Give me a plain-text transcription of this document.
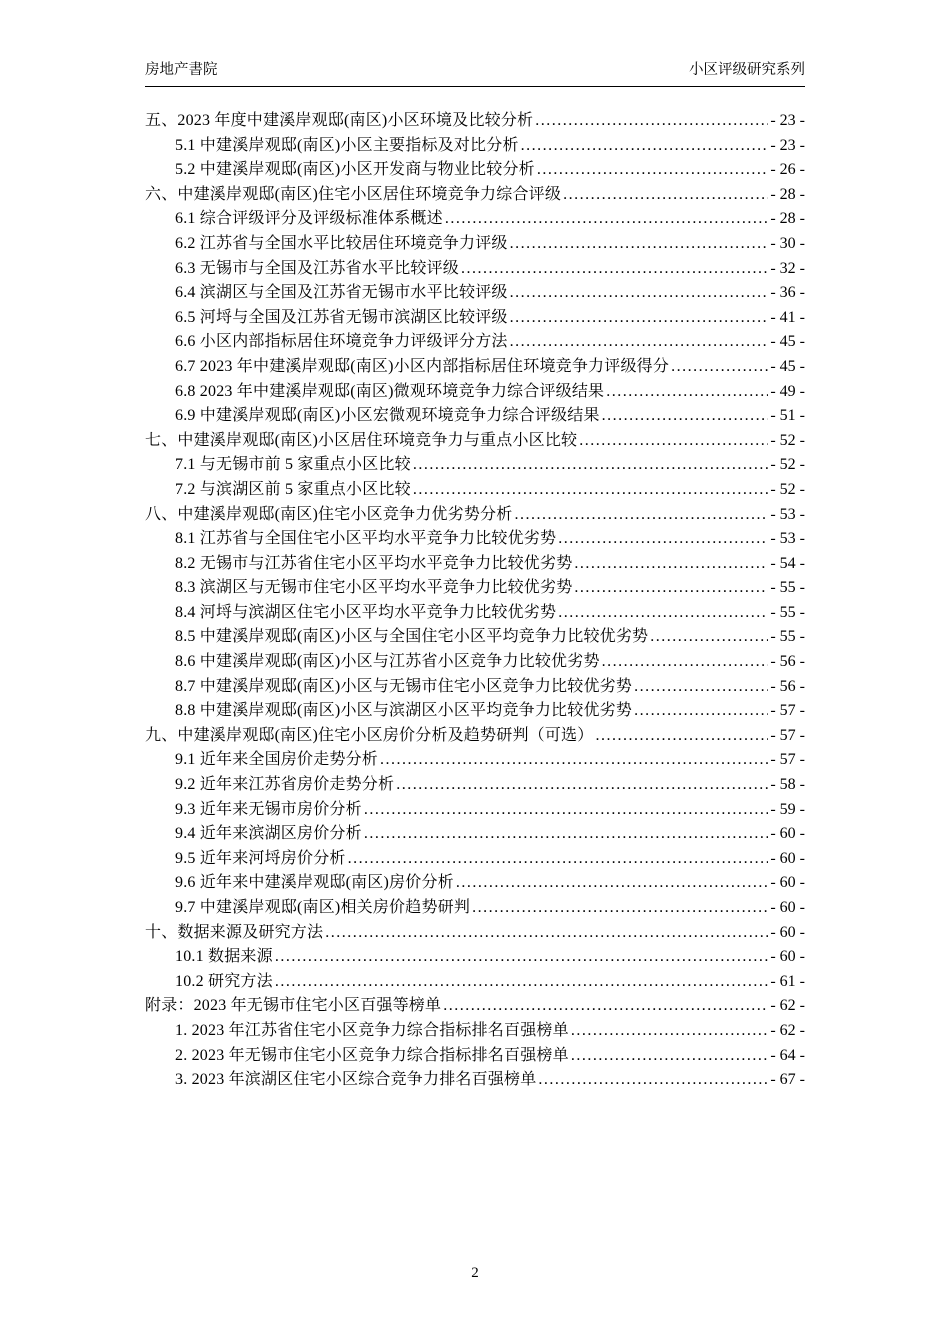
房地产書院	小区评级研究系列
五、2023 年度中建溪岸观邸(南区)小区环境及比较分析 .....	- 23 -
5.1 中建溪岸观邸(南区)小区主要指标及对比分析 .....	- 23 -
5.2 中建溪岸观邸(南区)小区开发商与物业比较分析 .....	- 26 -
六、中建溪岸观邸(南区)住宅小区居住环境竞争力综合评级 .....	- 28 -
6.1 综合评级评分及评级标准体系概述 .....	- 28 -
6.2 江苏省与全国水平比较居住环境竞争力评级 .....	- 30 -
6.3 无锡市与全国及江苏省水平比较评级 .....	- 32 -
6.4 滨湖区与全国及江苏省无锡市水平比较评级 .....	- 36 -
6.5 河埒与全国及江苏省无锡市滨湖区比较评级 .....	- 41 -
6.6 小区内部指标居住环境竞争力评级评分方法 .....	- 45 -
6.7 2023 年中建溪岸观邸(南区)小区内部指标居住环境竞争力评级得分 .....	- 45 -
6.8 2023 年中建溪岸观邸(南区)微观环境竞争力综合评级结果 .....	- 49 -
6.9 中建溪岸观邸(南区)小区宏微观环境竞争力综合评级结果 .....	- 51 -
七、中建溪岸观邸(南区)小区居住环境竞争力与重点小区比较 .....	- 52 -
7.1 与无锡市前 5 家重点小区比较 .....	- 52 -
7.2 与滨湖区前 5 家重点小区比较 .....	- 52 -
八、中建溪岸观邸(南区)住宅小区竞争力优劣势分析 .....	- 53 -
8.1 江苏省与全国住宅小区平均水平竞争力比较优劣势 .....	- 53 -
8.2 无锡市与江苏省住宅小区平均水平竞争力比较优劣势 .....	- 54 -
8.3 滨湖区与无锡市住宅小区平均水平竞争力比较优劣势 .....	- 55 -
8.4 河埒与滨湖区住宅小区平均水平竞争力比较优劣势 .....	- 55 -
8.5 中建溪岸观邸(南区)小区与全国住宅小区平均竞争力比较优劣势 .....	- 55 -
8.6 中建溪岸观邸(南区)小区与江苏省小区竞争力比较优劣势 .....	- 56 -
8.7 中建溪岸观邸(南区)小区与无锡市住宅小区竞争力比较优劣势 .....	- 56 -
8.8 中建溪岸观邸(南区)小区与滨湖区小区平均竞争力比较优劣势 .....	- 57 -
九、中建溪岸观邸(南区)住宅小区房价分析及趋势研判（可选） .....	- 57 -
9.1 近年来全国房价走势分析 .....	- 57 -
9.2 近年来江苏省房价走势分析 .....	- 58 -
9.3 近年来无锡市房价分析 .....	- 59 -
9.4 近年来滨湖区房价分析 .....	- 60 -
9.5 近年来河埒房价分析 .....	- 60 -
9.6 近年来中建溪岸观邸(南区)房价分析 .....	- 60 -
9.7 中建溪岸观邸(南区)相关房价趋势研判 .....	- 60 -
十、数据来源及研究方法 .....	- 60 -
10.1 数据来源 .....	- 60 -
10.2 研究方法 .....	- 61 -
附录：2023 年无锡市住宅小区百强等榜单 .....	- 62 -
1. 2023 年江苏省住宅小区竞争力综合指标排名百强榜单 .....	- 62 -
2. 2023 年无锡市住宅小区竞争力综合指标排名百强榜单 .....	- 64 -
3. 2023 年滨湖区住宅小区综合竞争力排名百强榜单 .....	- 67 -
2
